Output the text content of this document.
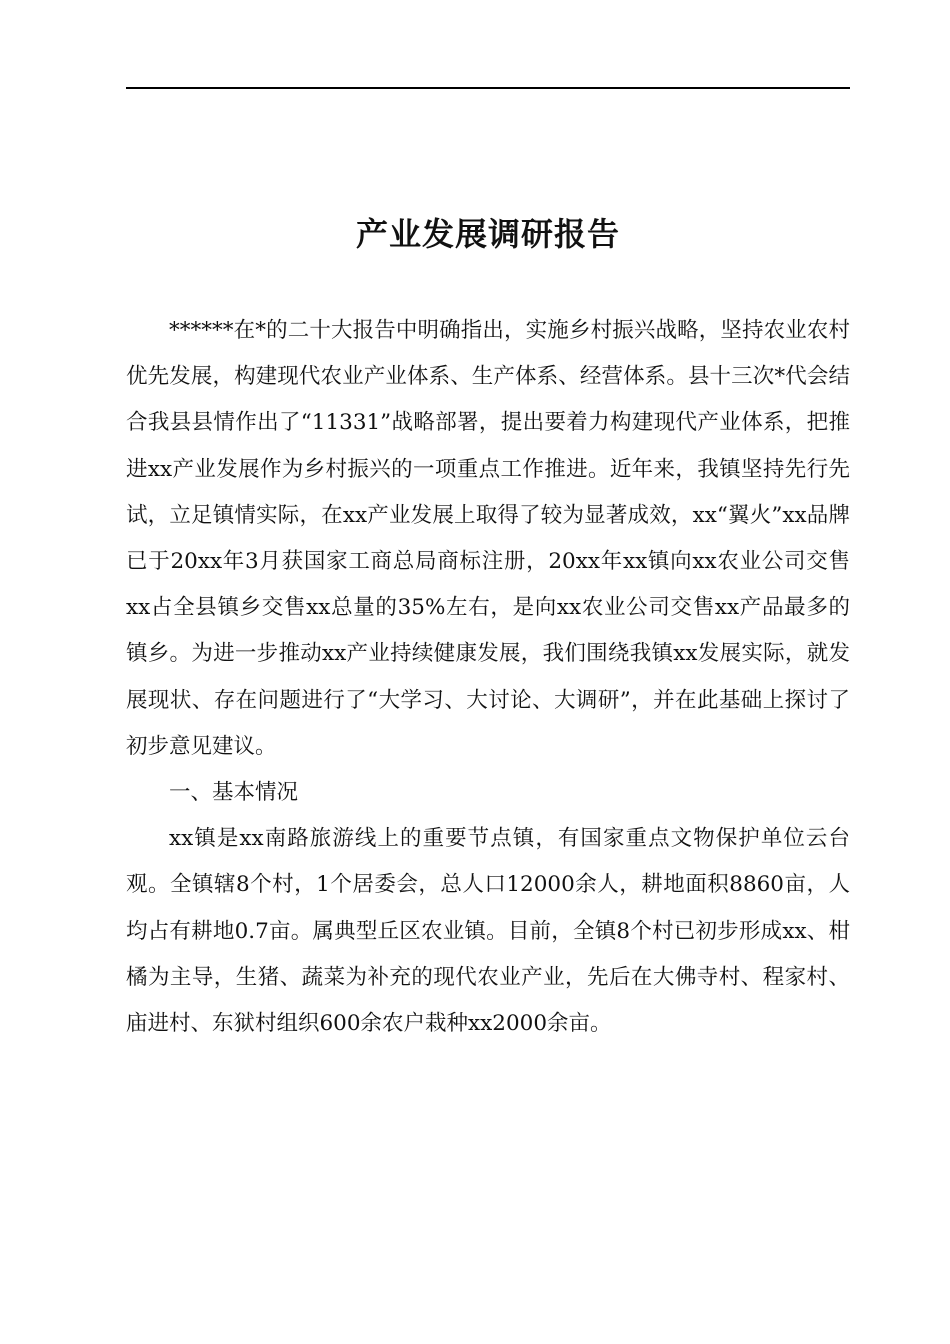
产业发展调研报告

******在*的二十大报告中明确指出，实施乡村振兴战略，坚持农业农村优先发展，构建现代农业产业体系、生产体系、经营体系。县十三次*代会结合我县县情作出了“11331”战略部署，提出要着力构建现代产业体系，把推进xx产业发展作为乡村振兴的一项重点工作推进。近年来，我镇坚持先行先试，立足镇情实际，在xx产业发展上取得了较为显著成效，xx“翼火”xx品牌已于20xx年3月获国家工商总局商标注册，20xx年xx镇向xx农业公司交售xx占全县镇乡交售xx总量的35%左右，是向xx农业公司交售xx产品最多的镇乡。为进一步推动xx产业持续健康发展，我们围绕我镇xx发展实际，就发展现状、存在问题进行了“大学习、大讨论、大调研”，并在此基础上探讨了初步意见建议。

一、基本情况

xx镇是xx南路旅游线上的重要节点镇，有国家重点文物保护单位云台观。全镇辖8个村，1个居委会，总人口12000余人，耕地面积8860亩，人均占有耕地0.7亩。属典型丘区农业镇。目前，全镇8个村已初步形成xx、柑橘为主导，生猪、蔬菜为补充的现代农业产业，先后在大佛寺村、程家村、庙进村、东狱村组织600余农户栽种xx2000余亩。
